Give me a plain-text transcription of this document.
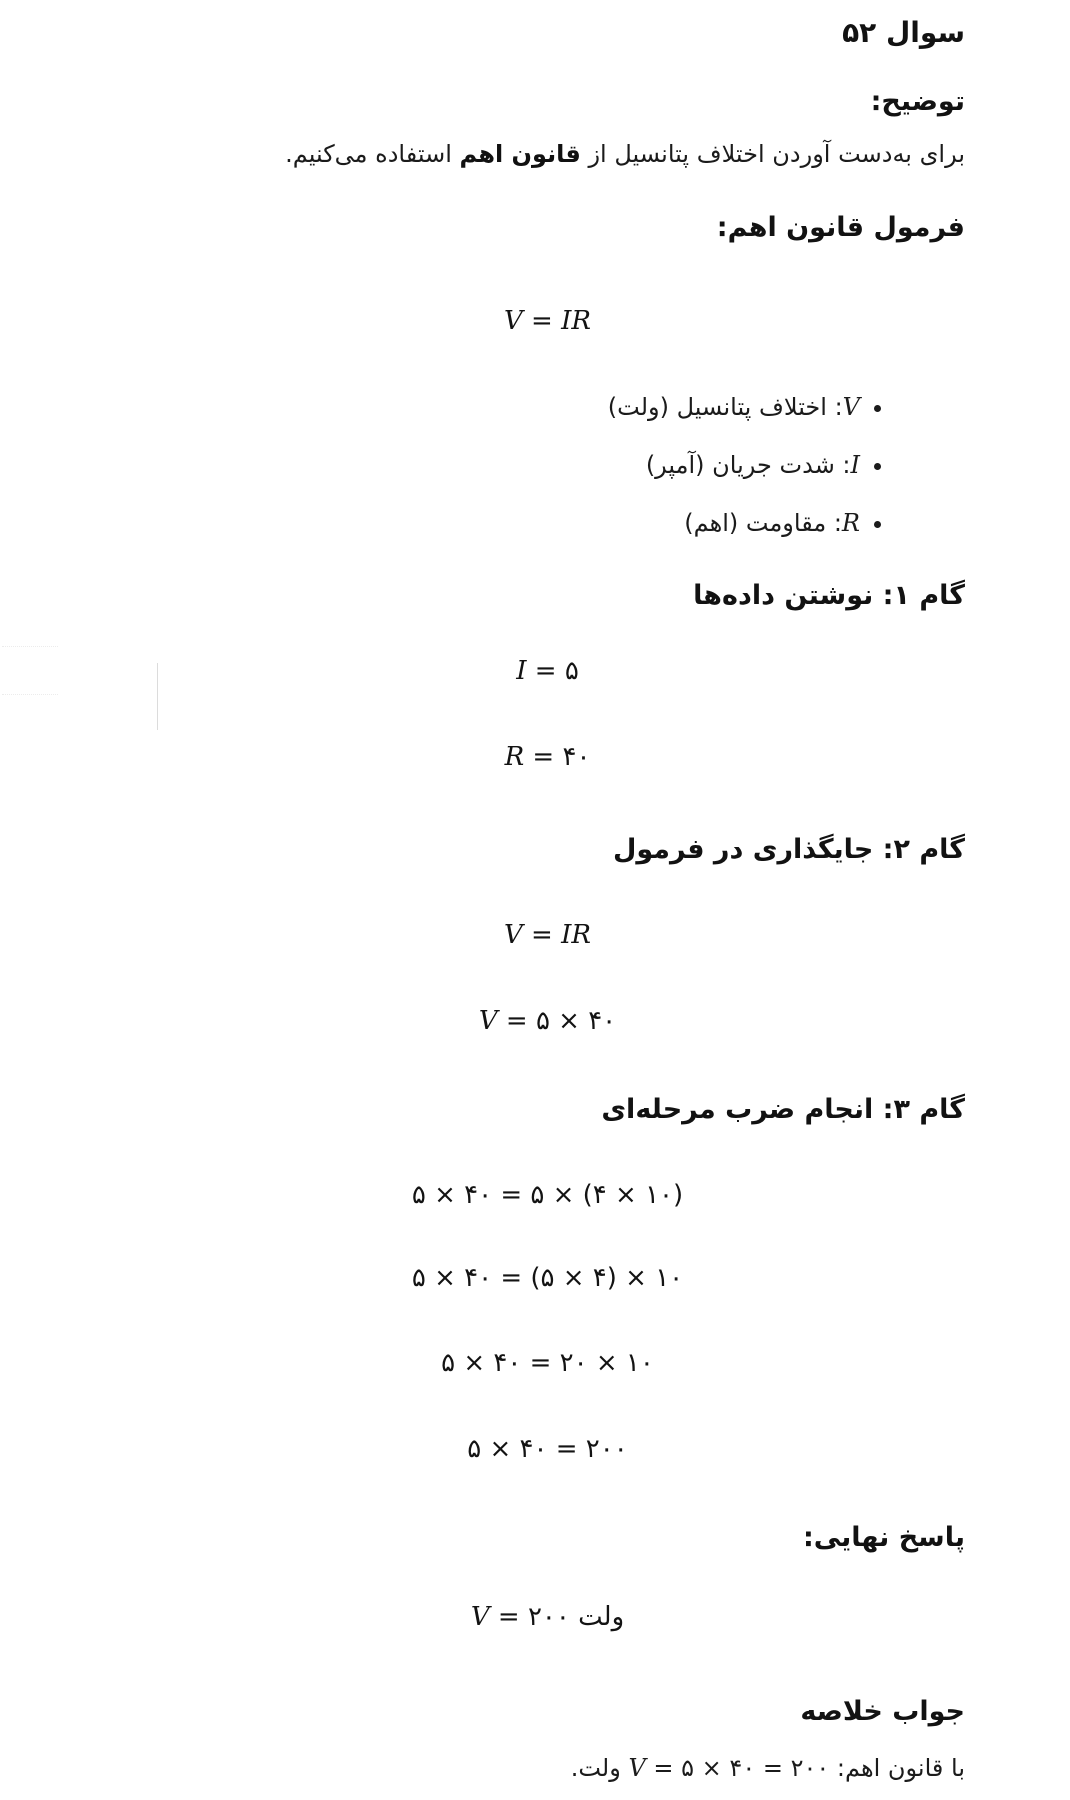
سوال ۵۲
توضیح:
برای به‌دست آوردن اختلاف پتانسیل از قانون اهم استفاده می‌کنیم.
فرمول قانون اهم:
V = IR
• V: اختلاف پتانسیل (ولت)
• I: شدت جریان (آمپر)
• R: مقاومت (اهم)
گام ۱: نوشتن داده‌ها
I = ۵
R = ۴۰
گام ۲: جایگذاری در فرمول
V = IR
V = ۵ × ۴۰
گام ۳: انجام ضرب مرحله‌ای
۵ × ۴۰ = ۵ × (۴ × ۱۰)
۵ × ۴۰ = (۵ × ۴) × ۱۰
۵ × ۴۰ = ۲۰ × ۱۰
۵ × ۴۰ = ۲۰۰
پاسخ نهایی:
V = ۲۰۰ ولت
جواب خلاصه
با قانون اهم: V = ۵ × ۴۰ = ۲۰۰ ولت.
